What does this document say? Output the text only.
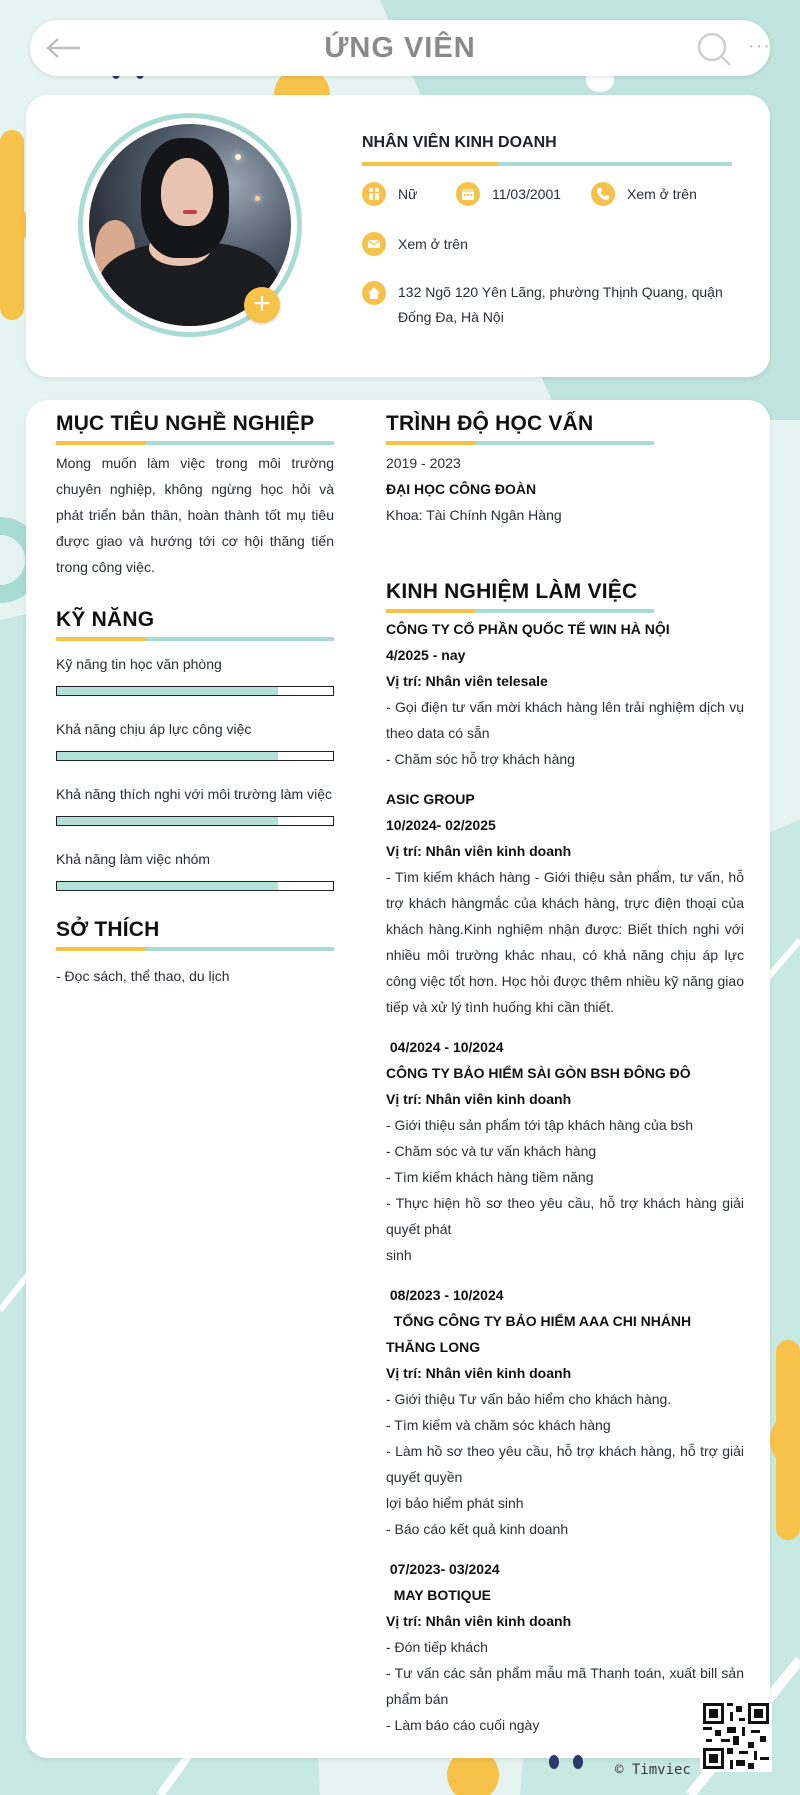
ỨNG VIÊN	···
+
NHÂN VIÊN KINH DOANH
Nữ	11/03/2001	Xem ở trên
Xem ở trên
132 Ngõ 120 Yên Lãng, phường Thịnh Quang, quận Đống Đa, Hà Nội
MỤC TIÊU NGHỀ NGHIỆP
Mong muốn làm việc trong môi trường chuyên nghiệp, không ngừng học hỏi và phát triển bản thân, hoàn thành tốt mụ tiêu được giao và hướng tới cơ hội thăng tiến trong công việc.
KỸ NĂNG
Kỹ năng tin học văn phòng
Khả năng chịu áp lực công việc
Khả năng thích nghi với môi trường làm việc
Khả năng làm việc nhóm
SỞ THÍCH
- Đọc sách, thể thao, du lịch
TRÌNH ĐỘ HỌC VẤN
2019 - 2023
ĐẠI HỌC CÔNG ĐOÀN
Khoa: Tài Chính Ngân Hàng
KINH NGHIỆM LÀM VIỆC
CÔNG TY CỔ PHẦN QUỐC TẾ WIN HÀ NỘI
4/2025 - nay
Vị trí: Nhân viên telesale

- Gọi điện tư vấn mời khách hàng lên trải nghiệm dịch vụ theo data có sẵn

- Chăm sóc hỗ trợ khách hàng

ASIC GROUP
10/2024- 02/2025
Vị trí: Nhân viên kinh doanh

- Tìm kiếm khách hàng - Giới thiệu sản phẩm, tư vấn, hỗ trợ khách hàngmắc của khách hàng, trực điện thoại của khách hàng.Kinh nghiệm nhận được: Biết thích nghi với nhiều môi trường khác nhau, có khả năng chịu áp lực công việc tốt hơn. Học hỏi được thêm nhiều kỹ năng giao tiếp và xử lý tình huống khi cần thiết.

04/2024 - 10/2024
CÔNG TY BẢO HIỂM SÀI GÒN BSH ĐÔNG ĐÔ
Vị trí: Nhân viên kinh doanh

- Giới thiệu sản phẩm tới tập khách hàng của bsh

- Chăm sóc và tư vấn khách hàng

- Tìm kiếm khách hàng tiềm năng

- Thực hiện hồ sơ theo yêu cầu, hỗ trợ khách hàng giải quyết phát

sinh

08/2023 - 10/2024
TỔNG CÔNG TY BẢO HIỂM AAA CHI NHÁNH THĂNG LONG
Vị trí: Nhân viên kinh doanh

- Giới thiệu Tư vấn bảo hiểm cho khách hàng.

- Tìm kiếm và chăm sóc khách hàng

- Làm hồ sơ theo yêu cầu, hỗ trợ khách hàng, hỗ trợ giải quyết quyền

lợi bảo hiểm phát sinh

- Báo cáo kết quả kinh doanh

07/2023- 03/2024
MAY BOTIQUE
Vị trí: Nhân viên kinh doanh

- Đón tiếp khách

- Tư vấn các sản phẩm mẫu mã Thanh toán, xuất bill sản phẩm bán

- Làm báo cáo cuối ngày

© Timviec
